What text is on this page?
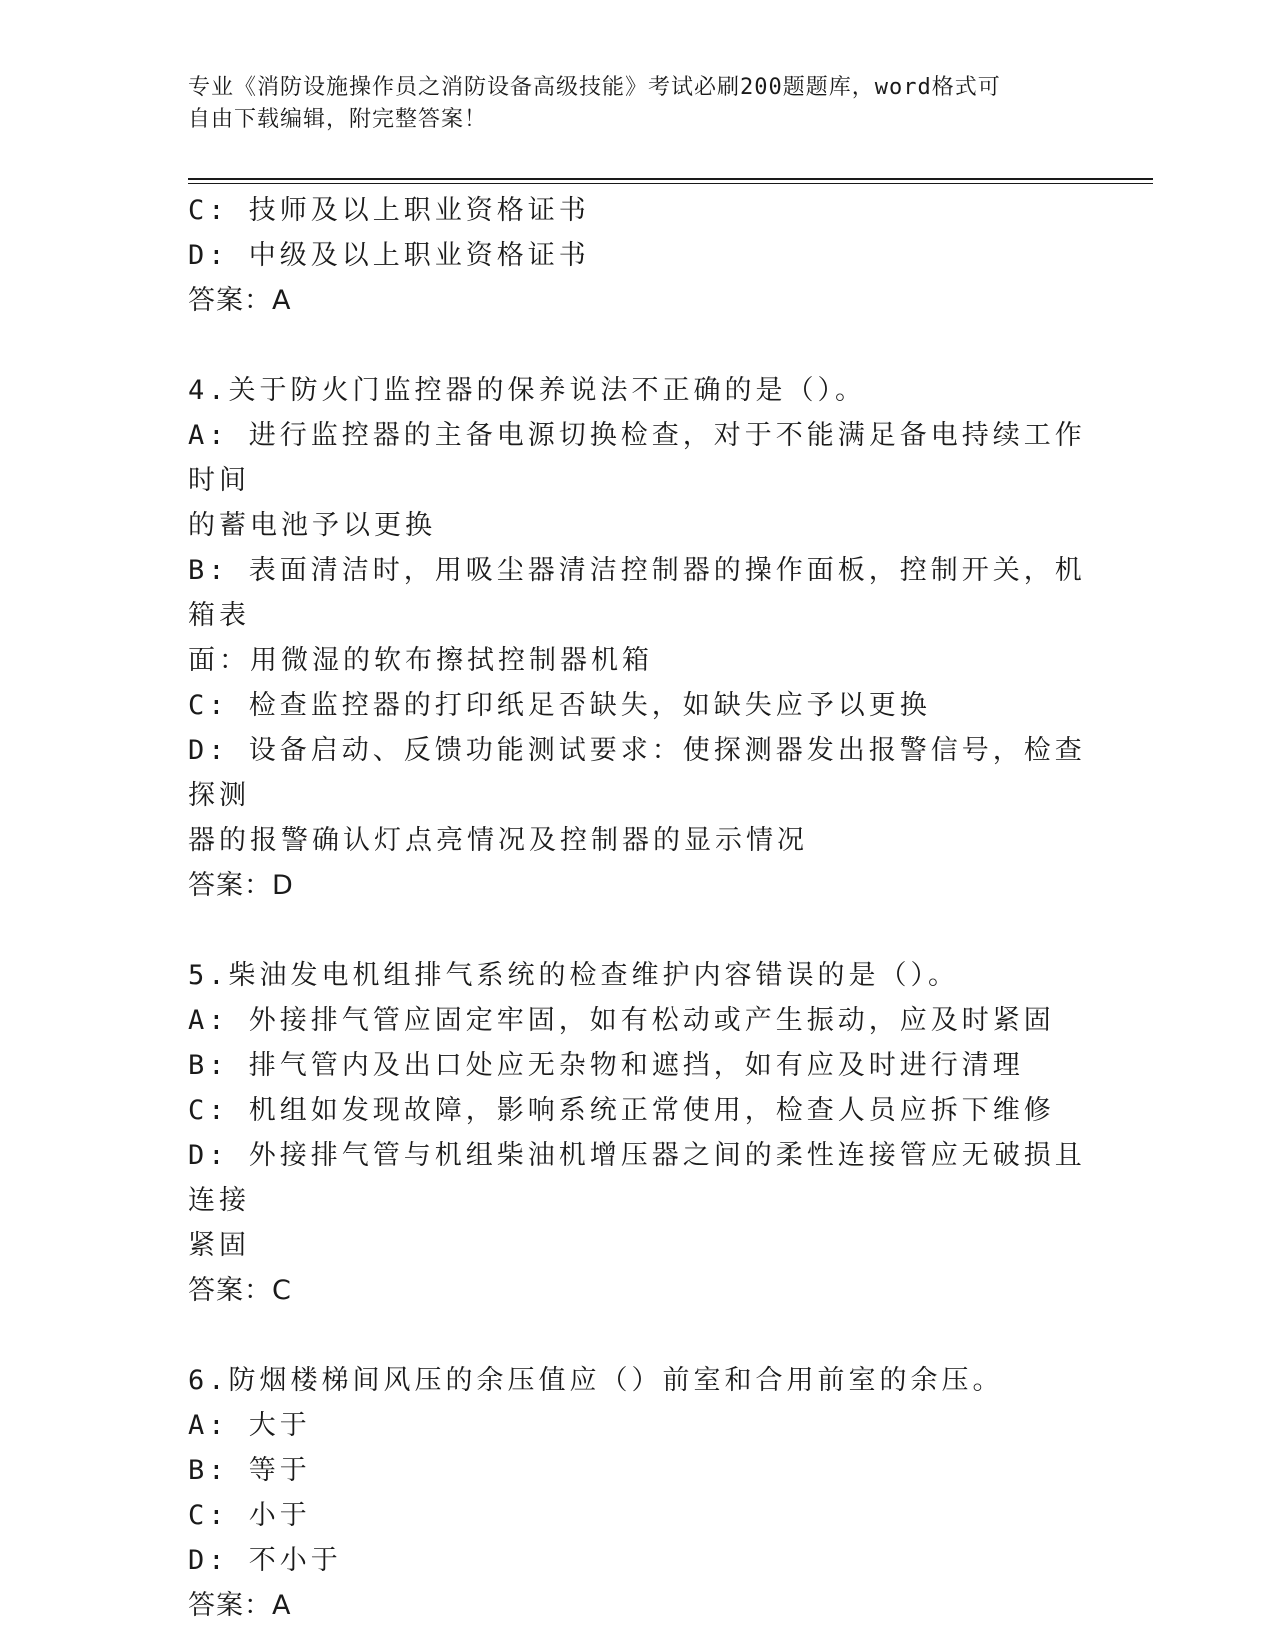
专业《消防设施操作员之消防设备高级技能》考试必刷200题题库，word格式可
自由下载编辑，附完整答案！
C: 技师及以上职业资格证书
D: 中级及以上职业资格证书
答案：A
4.关于防火门监控器的保养说法不正确的是（）。
A: 进行监控器的主备电源切换检查，对于不能满足备电持续工作时间
的蓄电池予以更换
B: 表面清洁时，用吸尘器清洁控制器的操作面板，控制开关，机箱表
面：用微湿的软布擦拭控制器机箱
C: 检查监控器的打印纸足否缺失，如缺失应予以更换
D: 设备启动、反馈功能测试要求：使探测器发出报警信号，检查探测
器的报警确认灯点亮情况及控制器的显示情况
答案：D
5.柴油发电机组排气系统的检查维护内容错误的是（）。
A: 外接排气管应固定牢固，如有松动或产生振动，应及时紧固
B: 排气管内及出口处应无杂物和遮挡，如有应及时进行清理
C: 机组如发现故障，影响系统正常使用，检查人员应拆下维修
D: 外接排气管与机组柴油机增压器之间的柔性连接管应无破损且连接
紧固
答案：C
6.防烟楼梯间风压的余压值应（）前室和合用前室的余压。
A: 大于
B: 等于
C: 小于
D: 不小于
答案：A
